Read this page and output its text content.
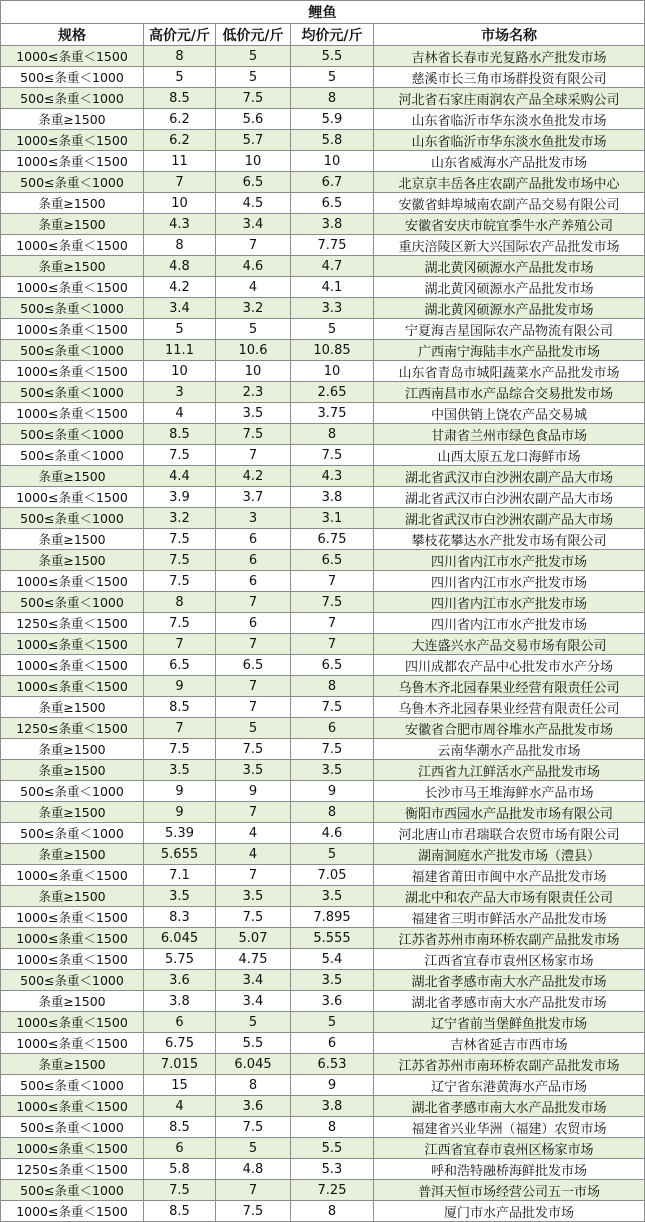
鲤鱼				
规格	高价元/斤	低价元/斤	均价元/斤	市场名称
1000≤条重＜1500	8	5	5.5	吉林省长春市光复路水产批发市场
500≤条重＜1000	5	5	5	慈溪市长三角市场群投资有限公司
500≤条重＜1000	8.5	7.5	8	河北省石家庄雨润农产品全球采购公司
条重≥1500	6.2	5.6	5.9	山东省临沂市华东淡水鱼批发市场
1000≤条重＜1500	6.2	5.7	5.8	山东省临沂市华东淡水鱼批发市场
1000≤条重＜1500	11	10	10	山东省威海水产品批发市场
500≤条重＜1000	7	6.5	6.7	北京京丰岳各庄农副产品批发市场中心
条重≥1500	10	4.5	6.5	安徽省蚌埠城南农副产品交易有限公司
条重≥1500	4.3	3.4	3.8	安徽省安庆市皖宜季牛水产养殖公司
1000≤条重＜1500	8	7	7.75	重庆涪陵区新大兴国际农产品批发市场
条重≥1500	4.8	4.6	4.7	湖北黄冈硕源水产品批发市场
1000≤条重＜1500	4.2	4	4.1	湖北黄冈硕源水产品批发市场
500≤条重＜1000	3.4	3.2	3.3	湖北黄冈硕源水产品批发市场
1000≤条重＜1500	5	5	5	宁夏海吉星国际农产品物流有限公司
500≤条重＜1000	11.1	10.6	10.85	广西南宁海陆丰水产品批发市场
1000≤条重＜1500	10	10	10	山东省青岛市城阳蔬菜水产品批发市场
500≤条重＜1000	3	2.3	2.65	江西南昌市水产品综合交易批发市场
1000≤条重＜1500	4	3.5	3.75	中国供销上饶农产品交易城
500≤条重＜1000	8.5	7.5	8	甘肃省兰州市绿色食品市场
500≤条重＜1000	7.5	7	7.5	山西太原五龙口海鲜市场
条重≥1500	4.4	4.2	4.3	湖北省武汉市白沙洲农副产品大市场
1000≤条重＜1500	3.9	3.7	3.8	湖北省武汉市白沙洲农副产品大市场
500≤条重＜1000	3.2	3	3.1	湖北省武汉市白沙洲农副产品大市场
条重≥1500	7.5	6	6.75	攀枝花攀达水产批发市场有限公司
条重≥1500	7.5	6	6.5	四川省内江市水产批发市场
1000≤条重＜1500	7.5	6	7	四川省内江市水产批发市场
500≤条重＜1000	8	7	7.5	四川省内江市水产批发市场
1250≤条重＜1500	7.5	6	7	四川省内江市水产批发市场
1000≤条重＜1500	7	7	7	大连盛兴水产品交易市场有限公司
1000≤条重＜1500	6.5	6.5	6.5	四川成都农产品中心批发市水产分场
1000≤条重＜1500	9	7	8	乌鲁木齐北园春果业经营有限责任公司
条重≥1500	8.5	7	7.5	乌鲁木齐北园春果业经营有限责任公司
1250≤条重＜1500	7	5	6	安徽省合肥市周谷堆水产品批发市场
条重≥1500	7.5	7.5	7.5	云南华潮水产品批发市场
条重≥1500	3.5	3.5	3.5	江西省九江鲜活水产品批发市场
500≤条重＜1000	9	9	9	长沙市马王堆海鲜水产品市场
条重≥1500	9	7	8	衡阳市西园水产品批发市场有限公司
500≤条重＜1000	5.39	4	4.6	河北唐山市君瑞联合农贸市场有限公司
条重≥1500	5.655	4	5	湖南洞庭水产批发市场（澧县）
1000≤条重＜1500	7.1	7	7.05	福建省莆田市闽中水产品批发市场
条重≥1500	3.5	3.5	3.5	湖北中和农产品大市场有限责任公司
1000≤条重＜1500	8.3	7.5	7.895	福建省三明市鲜活水产品批发市场
1000≤条重＜1500	6.045	5.07	5.555	江苏省苏州市南环桥农副产品批发市场
1000≤条重＜1500	5.75	4.75	5.4	江西省宜春市袁州区杨家市场
500≤条重＜1000	3.6	3.4	3.5	湖北省孝感市南大水产品批发市场
条重≥1500	3.8	3.4	3.6	湖北省孝感市南大水产品批发市场
1000≤条重＜1500	6	5	5	辽宁省前当堡鲜鱼批发市场
1000≤条重＜1500	6.75	5.5	6	吉林省延吉市西市场
条重≥1500	7.015	6.045	6.53	江苏省苏州市南环桥农副产品批发市场
500≤条重＜1000	15	8	9	辽宁省东港黄海水产品市场
1000≤条重＜1500	4	3.6	3.8	湖北省孝感市南大水产品批发市场
500≤条重＜1000	8.5	7.5	8	福建省兴业华洲（福建）农贸市场
1000≤条重＜1500	6	5	5.5	江西省宜春市袁州区杨家市场
1250≤条重＜1500	5.8	4.8	5.3	呼和浩特融桥海鲜批发市场
500≤条重＜1000	7.5	7	7.25	普洱天恒市场经营公司五一市场
1000≤条重＜1500	8.5	7.5	8	厦门市水产品批发市场
